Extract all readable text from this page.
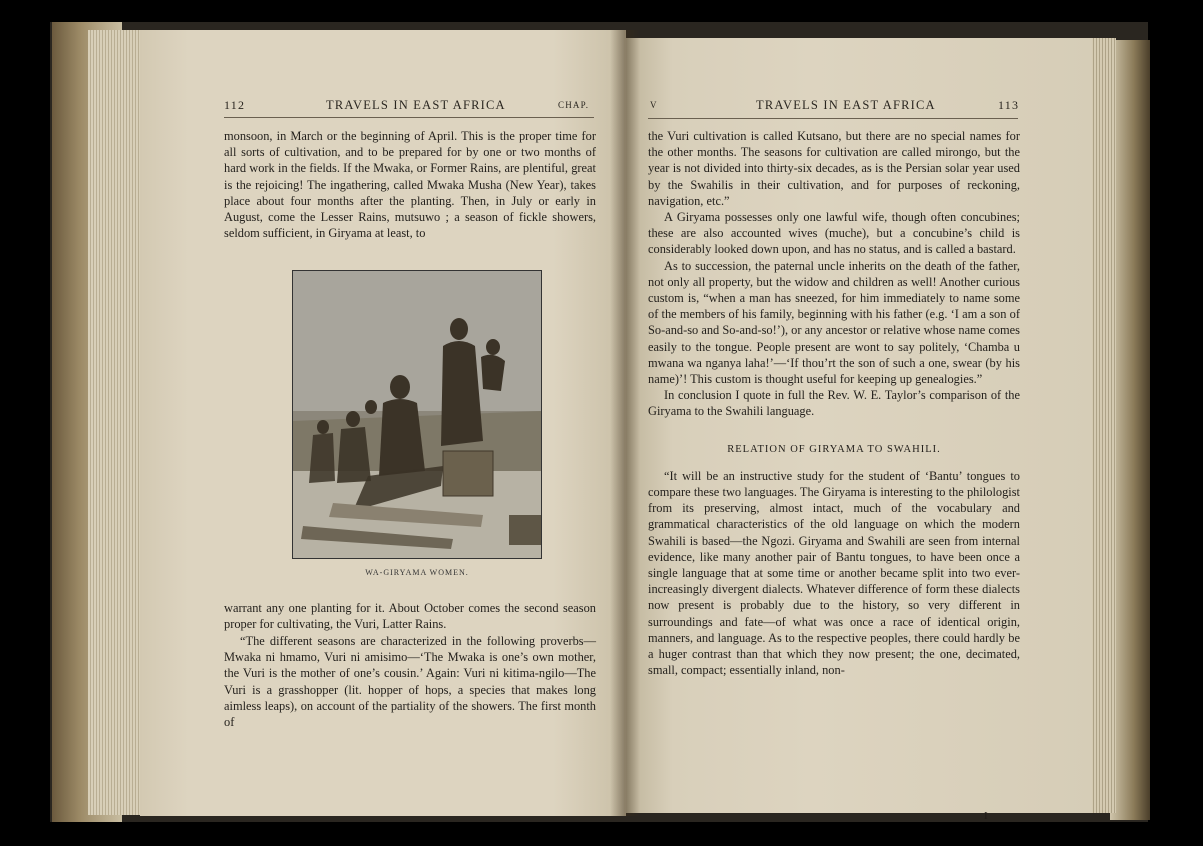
112	TRAVELS IN EAST AFRICA	CHAP.

monsoon, in March or the beginning of April. This is the proper time for all sorts of cultivation, and to be prepared for by one or two months of hard work in the fields. If the Mwaka, or Former Rains, are plentiful, great is the rejoicing! The ingathering, called Mwaka Musha (New Year), takes place about four months after the planting. Then, in July or early in August, come the Lesser Rains, mutsuwo ; a season of fickle showers, seldom sufficient, in Giryama at least, to

WA-GIRYAMA WOMEN.

warrant any one planting for it. About October comes the second season proper for cultivating, the Vuri, Latter Rains.

“The different seasons are characterized in the following proverbs—Mwaka ni hmamo, Vuri ni amisimo—‘The Mwaka is one’s own mother, the Vuri is the mother of one’s cousin.’ Again: Vuri ni kitima-ngilo—The Vuri is a grasshopper (lit. hopper of hops, a species that makes long aimless leaps), on account of the partiality of the showers. The first month of

V	TRAVELS IN EAST AFRICA	113

the Vuri cultivation is called Kutsano, but there are no special names for the other months. The seasons for cultivation are called mirongo, but the year is not divided into thirty-six decades, as is the Persian solar year used by the Swahilis in their cultivation, and for purposes of reckoning, navigation, etc.”

A Giryama possesses only one lawful wife, though often concubines; these are also accounted wives (muche), but a concubine’s child is considerably looked down upon, and has no status, and is called a bastard.

As to succession, the paternal uncle inherits on the death of the father, not only all property, but the widow and children as well! Another curious custom is, “when a man has sneezed, for him immediately to name some of the members of his family, beginning with his father (e.g. ‘I am a son of So-and-so and So-and-so!’), or any ancestor or relative whose name comes easily to the tongue. People present are wont to say politely, ‘Chamba u mwana wa nganya laha!’—‘If thou’rt the son of such a one, swear (by his name)’! This custom is thought useful for keeping up genealogies.”

In conclusion I quote in full the Rev. W. E. Taylor’s comparison of the Giryama to the Swahili language.

RELATION OF GIRYAMA TO SWAHILI.

“It will be an instructive study for the student of ‘Bantu’ tongues to compare these two languages. The Giryama is interesting to the philologist from its preserving, almost intact, much of the vocabulary and grammatical characteristics of the old language on which the modern Swahili is based—the Ngozi. Giryama and Swahili are seen from internal evidence, like many another pair of Bantu tongues, to have been once a single language that at some time or another became split into two ever-increasingly divergent dialects. Whatever difference of form these dialects now present is probably due to the history, so very different in surroundings and fate—of what was once a race of identical origin, manners, and language. As to the respective peoples, there could hardly be a huger contrast than that which they now present; the one, decimated, small, compact; essentially inland, non-

I
